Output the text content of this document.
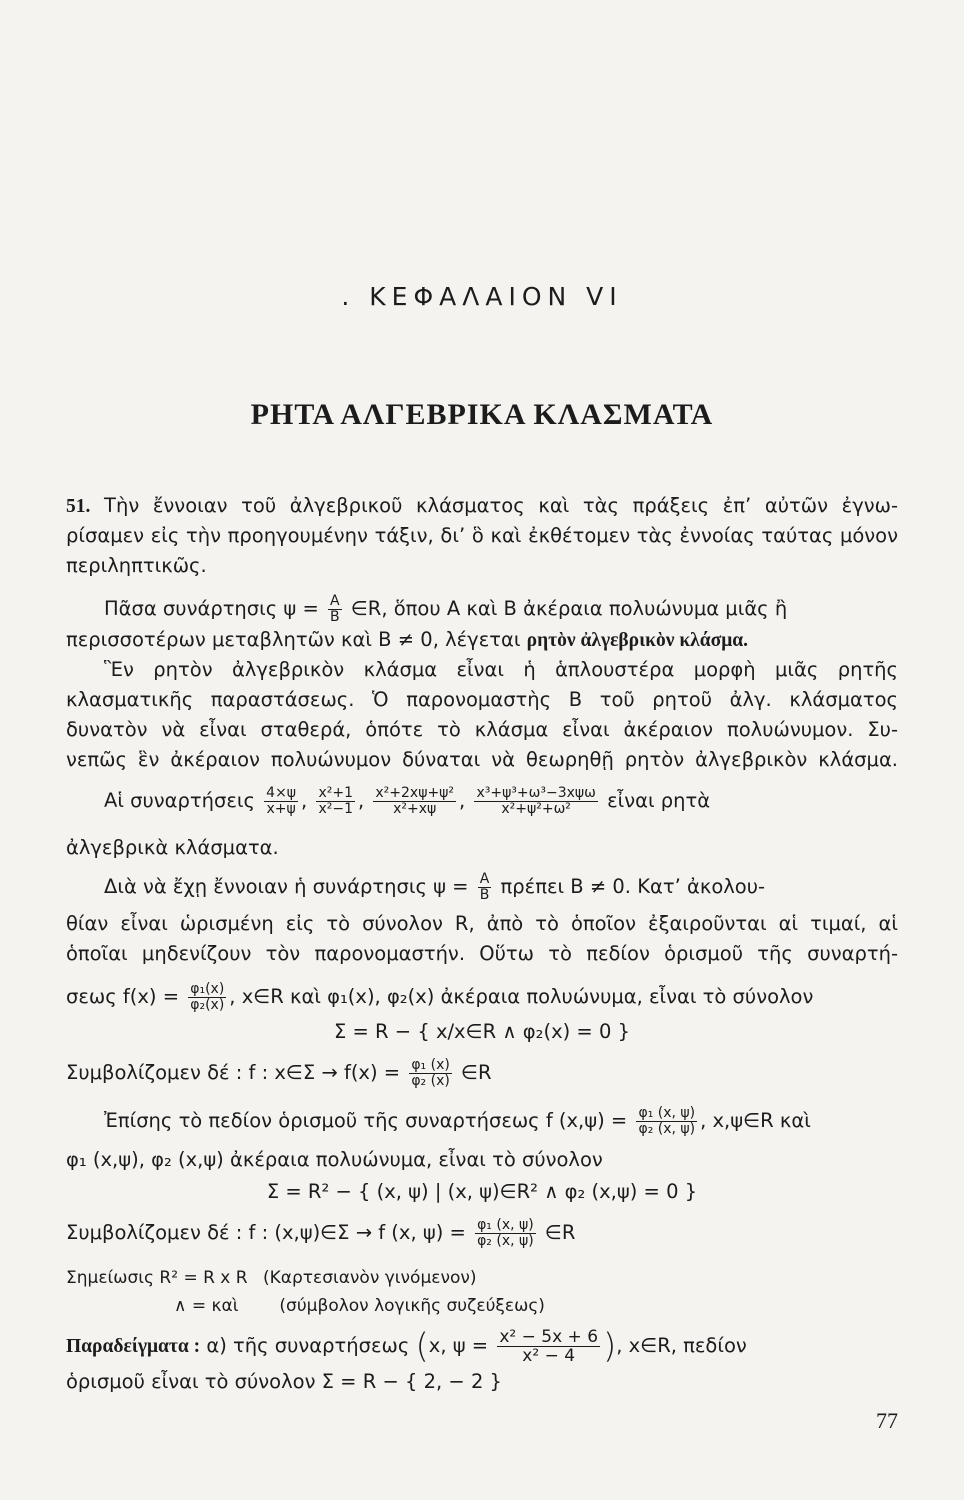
. ΚΕΦΑΛΑΙΟΝ VI
ΡΗΤΑ ΑΛΓΕΒΡΙΚΑ ΚΛΑΣΜΑΤΑ
51. Τὴν ἔννοιαν τοῦ ἀλγεβρικοῦ κλάσματος καὶ τὰς πράξεις ἐπ’ αὐτῶν ἐγνω-
ρίσαμεν εἰς τὴν προηγουμένην τάξιν, δι’ ὃ καὶ ἐκθέτομεν τὰς ἐννοίας ταύτας μόνον
περιληπτικῶς.
Πᾶσα συνάρτησις $\psi = \frac{A}{B}$ ∈R, ὅπου A καὶ B ἀκέραια πολυώνυμα μιᾶς ἢ
περισσοτέρων μεταβλητῶν καὶ B ≠ 0, λέγεται ρητὸν ἀλγεβρικὸν κλάσμα.
Ἓν ρητὸν ἀλγεβρικὸν κλάσμα εἶναι ἡ ἁπλουστέρα μορφὴ μιᾶς ρητῆς
κλασματικῆς παραστάσεως. Ὁ παρονομαστὴς B τοῦ ρητοῦ ἀλγ. κλάσματος
δυνατὸν νὰ εἶναι σταθερά, ὁπότε τὸ κλάσμα εἶναι ἀκέραιον πολυώνυμον. Συ-
νεπῶς ἓν ἀκέραιον πολυώνυμον δύναται νὰ θεωρηθῇ ρητὸν ἀλγεβρικὸν κλάσμα.
Αἱ συναρτήσεις $\frac{4\times\psi}{x+\psi}$ , $\frac{\text{x²+1}}{\text{x²−1}}$ , $\frac{\text{x²+2xψ+ψ²}}{\text{x²+xψ}}$ , $\frac{\text{x³+ψ³+ω³−3xψω}}{\text{x²+ψ²+ω²}}$ εἶναι ρητὰ
ἀλγεβρικὰ κλάσματα.
Διὰ νὰ ἔχῃ ἔννοιαν ἡ συνάρτησις $\psi = \frac{A}{B}$ πρέπει B ≠ 0. Κατ’ ἀκολου-
θίαν εἶναι ὡρισμένη εἰς τὸ σύνολον R, ἀπὸ τὸ ὁποῖον ἐξαιροῦνται αἱ τιμαί, αἱ
ὁποῖαι μηδενίζουν τὸν παρονομαστήν. Οὕτω τὸ πεδίον ὁρισμοῦ τῆς συναρτή-
σεως $f(x) = \frac{\text{φ₁(x)}}{\text{φ₂(x)}}$ , x∈R καὶ φ₁(x), φ₂(x) ἀκέραια πολυώνυμα, εἶναι τὸ σύνολον
Σ = R − { x/x∈R ∧ φ₂(x) = 0 }
Συμβολίζομεν δέ : f : x∈Σ → $f(x) = \frac{\text{φ₁ (x)}}{\text{φ₂ (x)}}$ ∈R
Ἐπίσης τὸ πεδίον ὁρισμοῦ τῆς συναρτήσεως f $(x,\psi) = \frac{\text{φ₁ (x, ψ)}}{\text{φ₂ (x, ψ)}}$ , x,ψ∈R καὶ
φ₁ (x,ψ), φ₂ (x,ψ) ἀκέραια πολυώνυμα, εἶναι τὸ σύνολον
Σ = R² − { (x, ψ) | (x, ψ)∈R² ∧ φ₂ (x,ψ) = 0 }
Συμβολίζομεν δέ : f : (x,ψ)∈Σ → f (x, $\psi) = \frac{\text{φ₁ (x, ψ)}}{\text{φ₂ (x, ψ)}}$ ∈R
Σημείωσις R² = R x R (Καρτεσιανὸν γινόμενον)
∧ = καὶ (σύμβολον λογικῆς συζεύξεως)
Παραδείγματα : α) τῆς συναρτήσεως (x, $\psi = \frac{\text{x² − 5x + 6}}{\text{x² − 4}}$ ), x∈R, πεδίον
ὁρισμοῦ εἶναι τὸ σύνολον Σ = R − { 2, − 2 }
77
